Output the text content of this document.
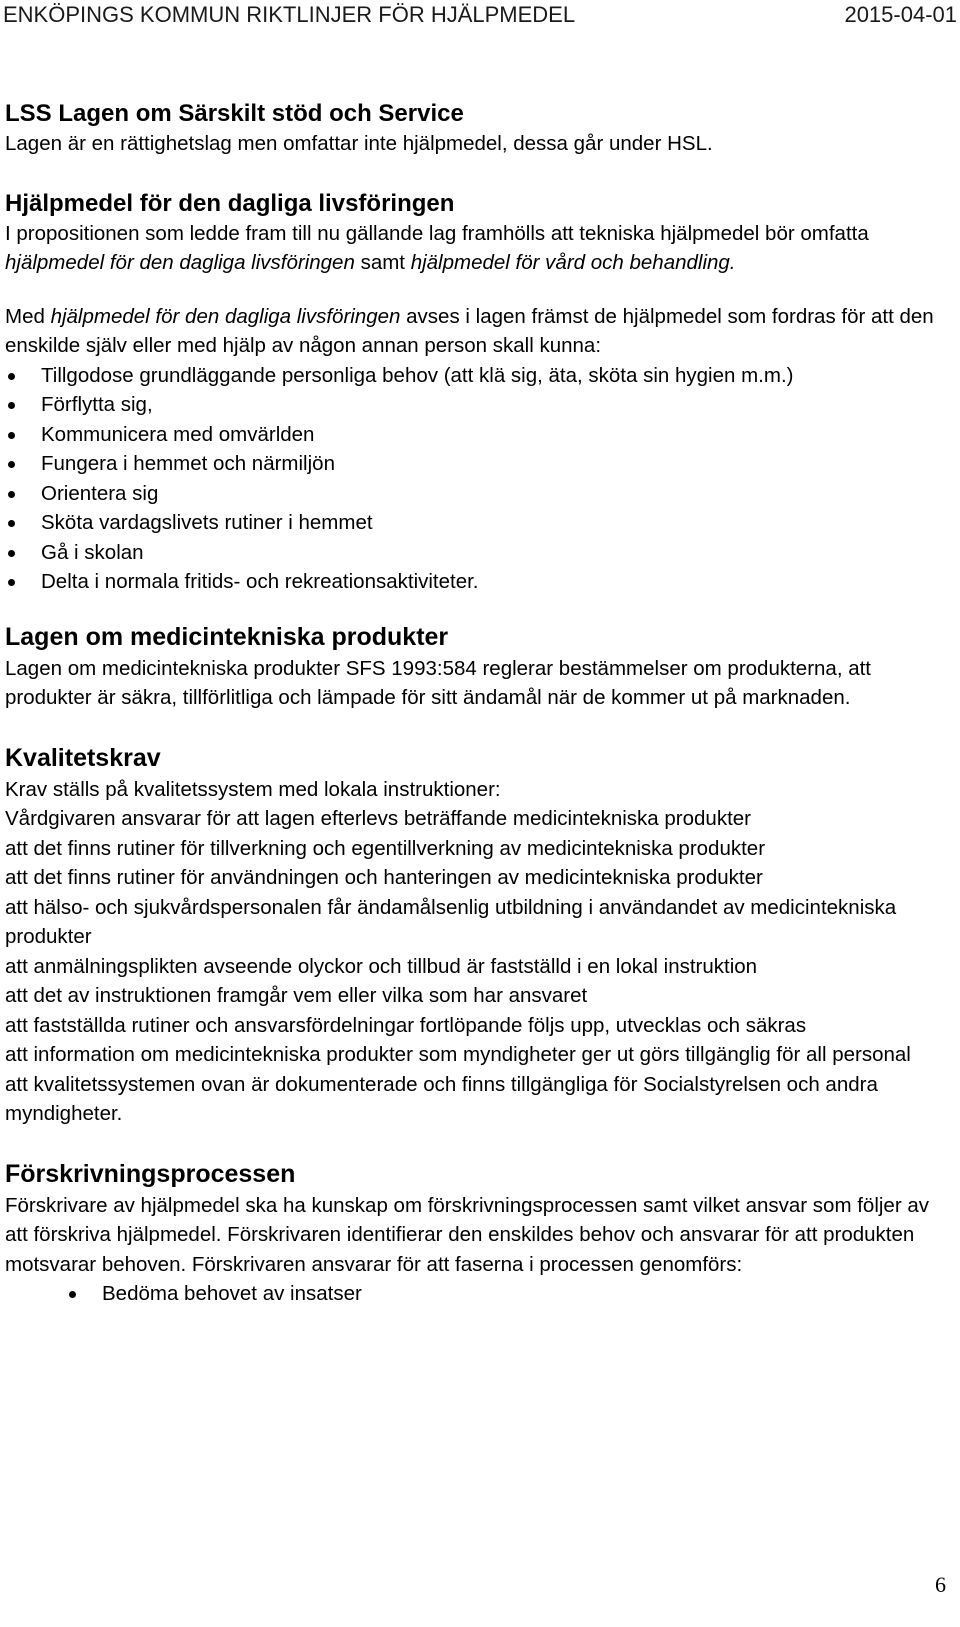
ENKÖPINGS KOMMUN RIKTLINJER FÖR HJÄLPMEDEL	2015-04-01

LSS Lagen om Särskilt stöd och Service

Lagen är en rättighetslag men omfattar inte hjälpmedel, dessa går under HSL.

Hjälpmedel för den dagliga livsföringen

I propositionen som ledde fram till nu gällande lag framhölls att tekniska hjälpmedel bör omfatta hjälpmedel för den dagliga livsföringen samt hjälpmedel för vård och behandling.

Med hjälpmedel för den dagliga livsföringen avses i lagen främst de hjälpmedel som fordras för att den enskilde själv eller med hjälp av någon annan person skall kunna:

Tillgodose grundläggande personliga behov (att klä sig, äta, sköta sin hygien m.m.)
Förflytta sig,
Kommunicera med omvärlden
Fungera i hemmet och närmiljön
Orientera sig
Sköta vardagslivets rutiner i hemmet
Gå i skolan
Delta i normala fritids- och rekreationsaktiviteter.

Lagen om medicintekniska produkter

Lagen om medicintekniska produkter SFS 1993:584 reglerar bestämmelser om produkterna, att produkter är säkra, tillförlitliga och lämpade för sitt ändamål när de kommer ut på marknaden.

Kvalitetskrav

Krav ställs på kvalitetssystem med lokala instruktioner:

Vårdgivaren ansvarar för att lagen efterlevs beträffande medicintekniska produkter

att det finns rutiner för tillverkning och egentillverkning av medicintekniska produkter

att det finns rutiner för användningen och hanteringen av medicintekniska produkter

att hälso- och sjukvårdspersonalen får ändamålsenlig utbildning i användandet av medicintekniska produkter

att anmälningsplikten avseende olyckor och tillbud är fastställd i en lokal instruktion

att det av instruktionen framgår vem eller vilka som har ansvaret

att fastställda rutiner och ansvarsfördelningar fortlöpande följs upp, utvecklas och säkras

att information om medicintekniska produkter som myndigheter ger ut görs tillgänglig för all personal

att kvalitetssystemen ovan är dokumenterade och finns tillgängliga för Socialstyrelsen och andra myndigheter.

Förskrivningsprocessen

Förskrivare av hjälpmedel ska ha kunskap om förskrivningsprocessen samt vilket ansvar som följer av att förskriva hjälpmedel. Förskrivaren identifierar den enskildes behov och ansvarar för att produkten motsvarar behoven. Förskrivaren ansvarar för att faserna i processen genomförs:

Bedöma behovet av insatser
6
